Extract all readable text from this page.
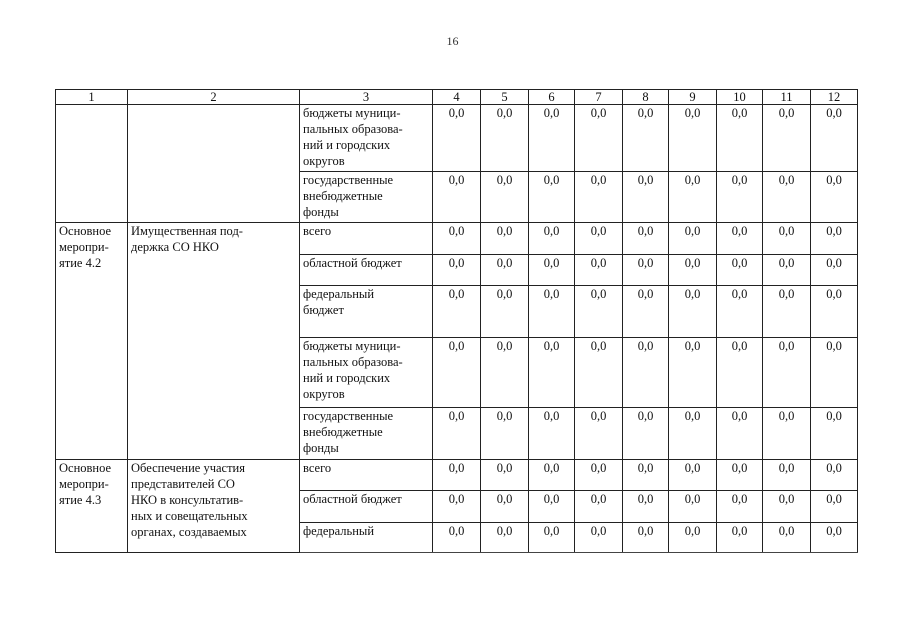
16
1	2	3	4	5	6	7	8	9	10	11	12
		бюджеты муници-
пальных образова-
ний и городских
округов	0,0	0,0	0,0	0,0	0,0	0,0	0,0	0,0	0,0
		государственные
внебюджетные
фонды	0,0	0,0	0,0	0,0	0,0	0,0	0,0	0,0	0,0
Основное
меропри-
ятие 4.2	Имущественная под-
держка СО НКО	всего	0,0	0,0	0,0	0,0	0,0	0,0	0,0	0,0	0,0
		областной бюджет	0,0	0,0	0,0	0,0	0,0	0,0	0,0	0,0	0,0
		федеральный
бюджет	0,0	0,0	0,0	0,0	0,0	0,0	0,0	0,0	0,0
		бюджеты муници-
пальных образова-
ний и городских
округов	0,0	0,0	0,0	0,0	0,0	0,0	0,0	0,0	0,0
		государственные
внебюджетные
фонды	0,0	0,0	0,0	0,0	0,0	0,0	0,0	0,0	0,0
Основное
меропри-
ятие 4.3	Обеспечение участия
представителей СО
НКО в консультатив-
ных и совещательных
органах, создаваемых	всего	0,0	0,0	0,0	0,0	0,0	0,0	0,0	0,0	0,0
		областной бюджет	0,0	0,0	0,0	0,0	0,0	0,0	0,0	0,0	0,0
		федеральный	0,0	0,0	0,0	0,0	0,0	0,0	0,0	0,0	0,0
